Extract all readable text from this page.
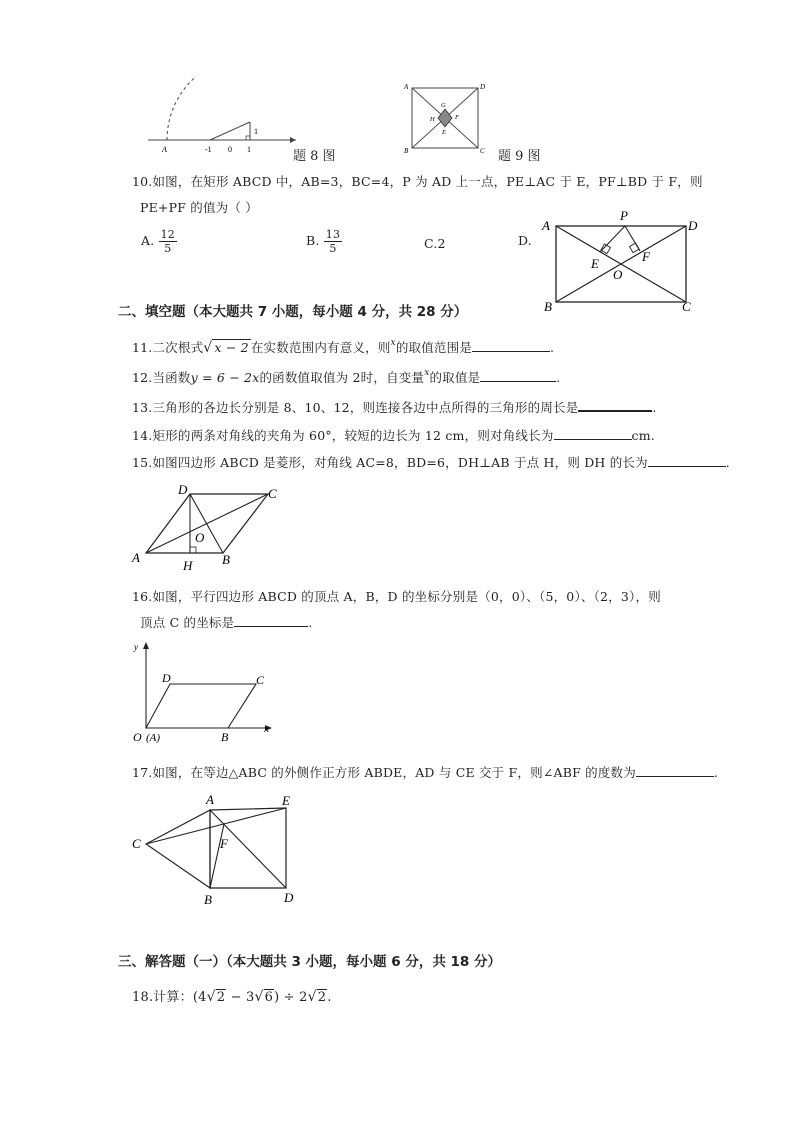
A	-1 0 1
1
题 8 图
A	D
B	C
G
H
E
F
题 9 图
10.如图，在矩形 ABCD 中，AB=3，BC=4，P 为 AD 上一点，PE⊥AC 于 E，PF⊥BD 于 F，则
PE+PF 的值为（ ）
A. $\frac{12}{5}$	B. $\frac{13}{5}$	C.2	D.
A	D
B	C
P
E	F
O
二、填空题（本大题共 7 小题，每小题 4 分，共 28 分）
11.二次根式√ x − 2 在实数范围内有意义，则$^x$的取值范围是	.
12.当函数y = 6 − 2x的函数值取值为 2时，自变量$^x$的取值是	.
13.三角形的各边长分别是 8、10、12，则连接各边中点所得的三角形的周长是	.
14.矩形的两条对角线的夹角为 60°，较短的边长为 12 cm，则对角线长为	cm.
15.如图四边形 ABCD 是菱形，对角线 AC=8，BD=6，DH⊥AB 于点 H，则 DH 的长为	.
A	B
C
D
O
H
16.如图，平行四边形 ABCD 的顶点 A，B，D 的坐标分别是（0，0）、（5，0）、（2，3），则
顶点 C 的坐标是	.
y
x
O (A)	B
C
D
17.如图，在等边△ABC 的外侧作正方形 ABDE，AD 与 CE 交于 F，则∠ABF 的度数为	.
A
B
C
D
E
F
三、解答题（一）（本大题共 3 小题，每小题 6 分，共 18 分）
18.计算：(4√2 − 3√6) ÷ 2√2.
